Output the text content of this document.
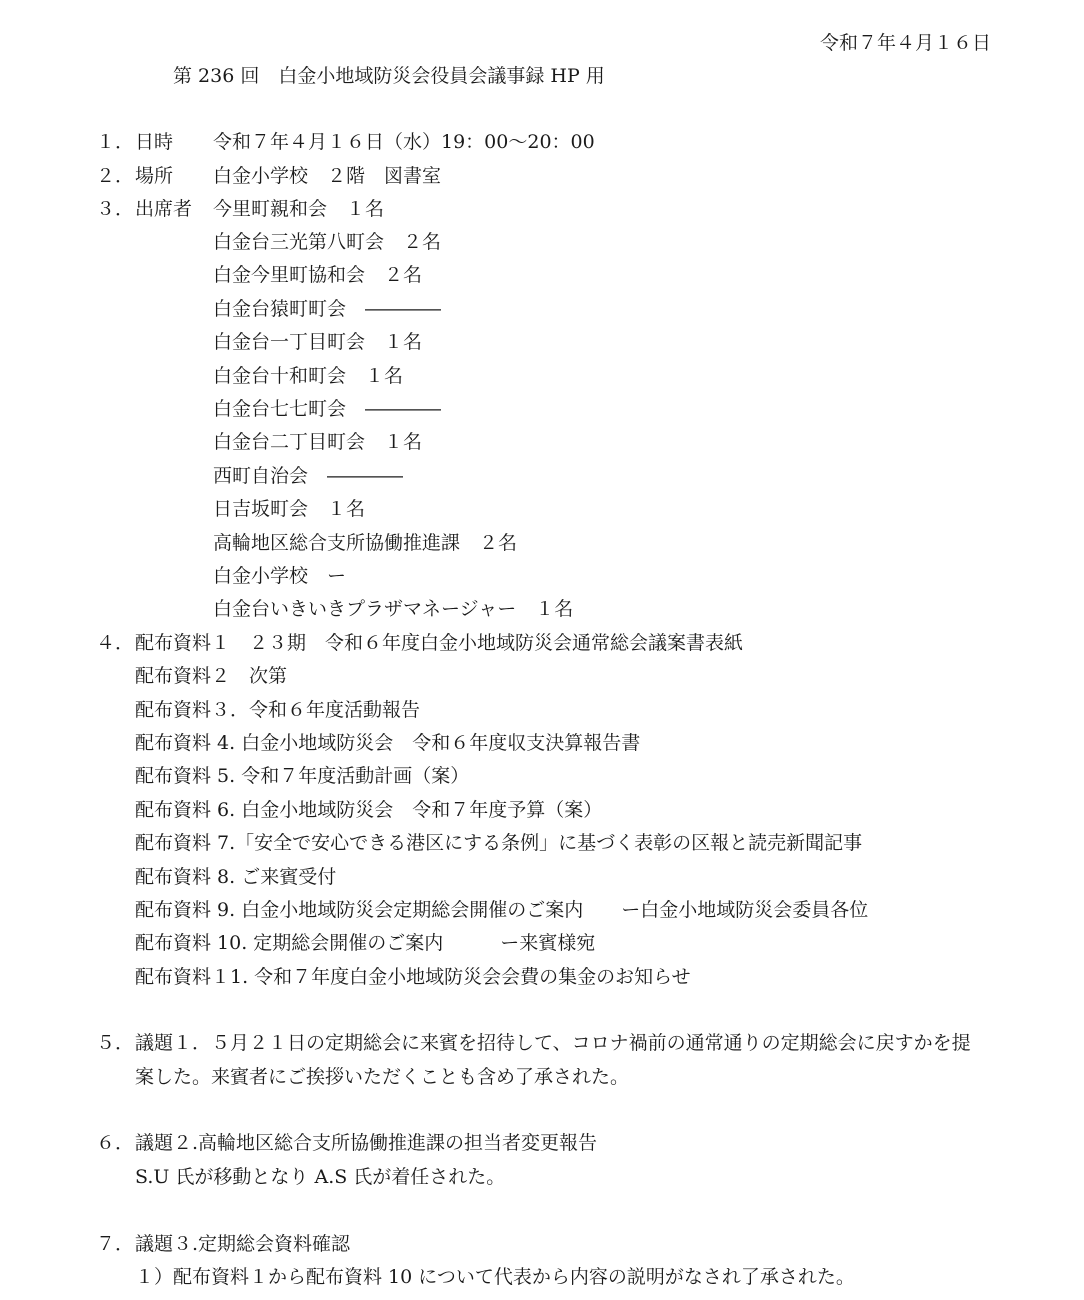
令和７年４月１６日
第 236 回　白金小地域防災会役員会議事録 HP 用
１． 日時 令和７年４月１６日（水）19：00～20：00
２． 場所 白金小学校　２階　図書室
３． 出席者 今里町親和会　１名
白金台三光第八町会　２名
白金今里町協和会　２名
白金台猿町町会　――――
白金台一丁目町会　１名
白金台十和町会　１名
白金台七七町会　――――
白金台二丁目町会　１名
西町自治会　――――
日吉坂町会　１名
高輪地区総合支所協働推進課　２名
白金小学校　ー
白金台いきいきプラザマネージャー　１名
４． 配布資料１　２３期　令和６年度白金小地域防災会通常総会議案書表紙
配布資料２　次第
配布資料３．令和６年度活動報告
配布資料 4. 白金小地域防災会　令和６年度収支決算報告書
配布資料 5. 令和７年度活動計画（案）
配布資料 6. 白金小地域防災会　令和７年度予算（案）
配布資料 7.「安全で安心できる港区にする条例」に基づく表彰の区報と読売新聞記事
配布資料 8. ご来賓受付
配布資料 9. 白金小地域防災会定期総会開催のご案内　　ー白金小地域防災会委員各位
配布資料 10. 定期総会開催のご案内　　　ー来賓様宛
配布資料１1. 令和７年度白金小地域防災会会費の集金のお知らせ
５． 議題１．５月２１日の定期総会に来賓を招待して、コロナ禍前の通常通りの定期総会に戻すかを提
案した。来賓者にご挨拶いただくことも含め了承された。
６． 議題２.高輪地区総合支所協働推進課の担当者変更報告
S.U 氏が移動となり A.S 氏が着任された。
７． 議題３.定期総会資料確認
１）配布資料１から配布資料 10 について代表から内容の説明がなされ了承された。
